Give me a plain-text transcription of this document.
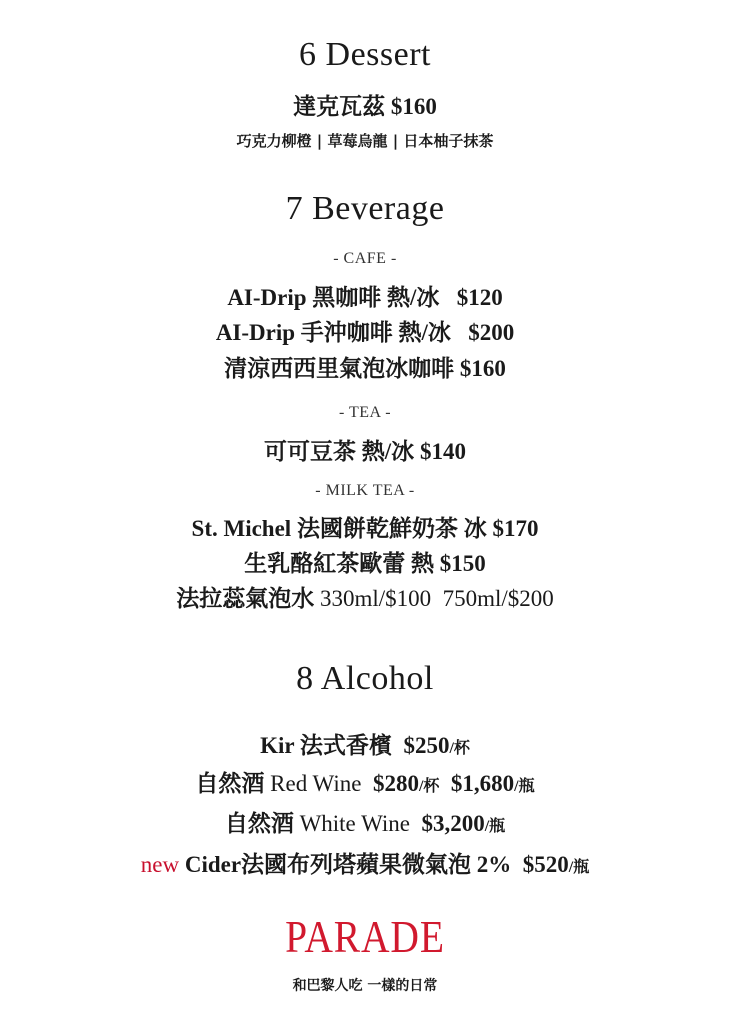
6 Dessert
達克瓦茲 $160
巧克力柳橙 | 草莓烏龍 | 日本柚子抹茶
7 Beverage
- CAFE -
AI-Drip 黑咖啡 熱/冰 $120
AI-Drip 手沖咖啡 熱/冰 $200
清涼西西里氣泡冰咖啡 $160
- TEA -
可可豆茶 熱/冰 $140
- MILK TEA -
St. Michel 法國餅乾鮮奶茶 冰 $170
生乳酪紅茶歐蕾 熱 $150
法拉蕊氣泡水 330ml/$100 750ml/$200
8 Alcohol
Kir 法式香檳 $250/杯
自然酒 Red Wine $280/杯 $1,680/瓶
自然酒 White Wine $3,200/瓶
new Cider法國布列塔蘋果微氣泡 2% $520/瓶
PARADE
和巴黎人吃 一樣的日常
